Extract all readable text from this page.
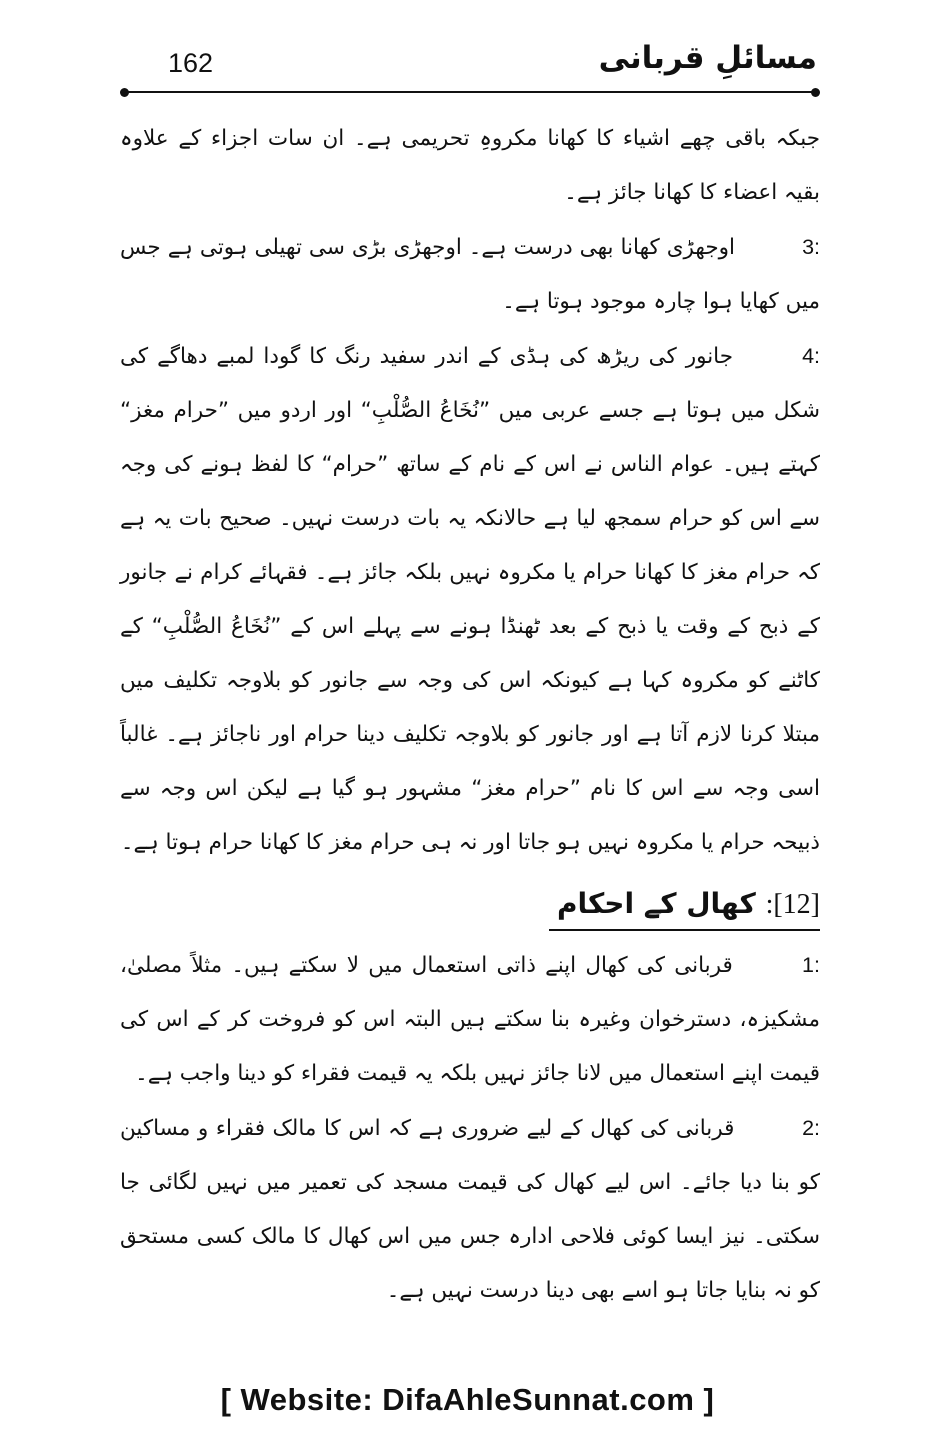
مسائلِ قربانی
162

جبکہ باقی چھے اشیاء کا کھانا مکروہِ تحریمی ہے۔ ان سات اجزاء کے علاوہ بقیہ اعضاء کا کھانا جائز ہے۔

3: اوجھڑی کھانا بھی درست ہے۔ اوجھڑی بڑی سی تھیلی ہوتی ہے جس میں کھایا ہوا چارہ موجود ہوتا ہے۔

4: جانور کی ریڑھ کی ہڈی کے اندر سفید رنگ کا گودا لمبے دھاگے کی شکل میں ہوتا ہے جسے عربی میں ”نُخَاعُ الصُّلْبِ“ اور اردو میں ”حرام مغز“ کہتے ہیں۔ عوام الناس نے اس کے نام کے ساتھ ”حرام“ کا لفظ ہونے کی وجہ سے اس کو حرام سمجھ لیا ہے حالانکہ یہ بات درست نہیں۔ صحیح بات یہ ہے کہ حرام مغز کا کھانا حرام یا مکروہ نہیں بلکہ جائز ہے۔ فقہائے کرام نے جانور کے ذبح کے وقت یا ذبح کے بعد ٹھنڈا ہونے سے پہلے اس کے ”نُخَاعُ الصُّلْبِ“ کے کاٹنے کو مکروہ کہا ہے کیونکہ اس کی وجہ سے جانور کو بلاوجہ تکلیف میں مبتلا کرنا لازم آتا ہے اور جانور کو بلاوجہ تکلیف دینا حرام اور ناجائز ہے۔ غالباً اسی وجہ سے اس کا نام ”حرام مغز“ مشہور ہو گیا ہے لیکن اس وجہ سے ذبیحہ حرام یا مکروہ نہیں ہو جاتا اور نہ ہی حرام مغز کا کھانا حرام ہوتا ہے۔

[12]: کھال کے احکام

1: قربانی کی کھال اپنے ذاتی استعمال میں لا سکتے ہیں۔ مثلاً مصلیٰ، مشکیزہ، دسترخوان وغیرہ بنا سکتے ہیں البتہ اس کو فروخت کر کے اس کی قیمت اپنے استعمال میں لانا جائز نہیں بلکہ یہ قیمت فقراء کو دینا واجب ہے۔

2: قربانی کی کھال کے لیے ضروری ہے کہ اس کا مالک فقراء و مساکین کو بنا دیا جائے۔ اس لیے کھال کی قیمت مسجد کی تعمیر میں نہیں لگائی جا سکتی۔ نیز ایسا کوئی فلاحی ادارہ جس میں اس کھال کا مالک کسی مستحق کو نہ بنایا جاتا ہو اسے بھی دینا درست نہیں ہے۔

[ Website: DifaAhleSunnat.com ]
